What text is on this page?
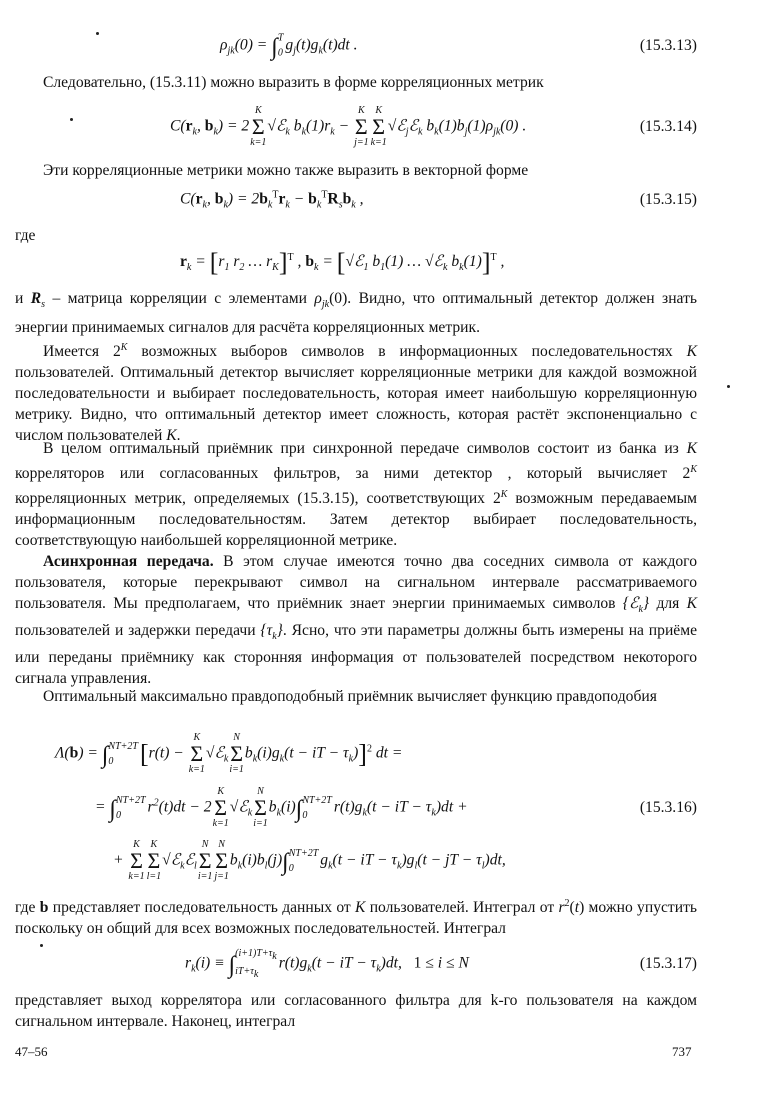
$\rho_{jk}(0)$ = ∫ T
0 $g_j(t)g_k(t)dt$ .	(15.3.13)

Следовательно, (15.3.11) можно выразить в форме корреляционных метрик

$C(r_k$, $b_k) = 2$
K
Σ
k=1
√ℰ$_k$ $b_k(1)r_k$ −
K
Σ
j=1
K
Σ
k=1
√ℰ$_j$ℰ$_k$ $b_k(1)b_j(1)\rho_{jk}(0)$ .	(15.3.14)

Эти корреляционные метрики можно также выразить в векторной форме

$C(r_k$, $b_k) = 2b_k^Tr_k - b_k^TR_sb_k$ ,	(15.3.15)

где

$r_k = [r_1$ $r_2$ … $r_K]^T$ , $b_k$ = [√ℰ$_1$ $b_1(1)$ … √ℰ$_k$ $b_k(1)]^T$ ,

и $R_s$ – матрица корреляции с элементами $\rho_{jk}(0)$. Видно, что оптимальный детектор должен знать энергии принимаемых сигналов для расчёта корреляционных метрик.

Имеется $2^K$ возможных выборов символов в информационных последовательностях K пользователей. Оптимальный детектор вычисляет корреляционные метрики для каждой возможной последовательности и выбирает последовательность, которая имеет наибольшую корреляционную метрику. Видно, что оптимальный детектор имеет сложность, которая растёт экспоненциально с числом пользователей K.

В целом оптимальный приёмник при синхронной передаче символов состоит из банка из K корреляторов или согласованных фильтров, за ними детектор , который вычисляет $2^K$ корреляционных метрик, определяемых (15.3.15), соответствующих $2^K$ возможным передаваемым информационным последовательностям. Затем детектор выбирает последовательность, соответствующую наибольшей корреляционной метрике.

Асинхронная передача. В этом случае имеются точно два соседних символа от каждого пользователя, которые перекрывают символ на сигнальном интервале рассматриваемого пользователя. Мы предполагаем, что приёмник знает энергии принимаемых символов {ℰ$_k$} для K пользователей и задержки передачи $\{\tau_k\}$. Ясно, что эти параметры должны быть измерены на приёме или переданы приёмнику как сторонняя информация от пользователей посредством некоторого сигнала управления.

Оптимальный максимально правдоподобный приёмник вычисляет функцию правдоподобия

Λ(b) = ∫ NT+2T
0	[r(t) −
K
Σ
k=1
√ℰ$_k$
N
Σ
i=1
$b_k(i)g_k(t$ − iT − $\tau_k)]^2$ dt =
= ∫ NT+2T
0	$r^2(t)dt - 2$
K
Σ
k=1
√ℰ$_k$
N
Σ
i=1
$b_k(i)\int$ NT+2T
0	$r(t)g_k(t$ − iT − $\tau_k)dt$ +	(15.3.16)
+
K
Σ
k=1
K
Σ
l=1
√ℰ$_k$ℰ$_l$
N
Σ
i=1
N
Σ
j=1
$b_k(i)b_l(j)\int$ NT+2T
0	$g_k(t$ − iT − $\tau_k)g_l(t$ − jT − $\tau_l)dt$,

где b представляет последовательность данных от K пользователей. Интеграл от $r^2(t)$ можно упустить поскольку он общий для всех возможных последовательностей. Интеграл

$r_k(i)$ ≡ ∫ $(i+1)T+\tau_k$
$iT+\tau_k$
$r(t)g_k(t$ − iT − $\tau_k)dt$,   1 ≤ i ≤ N	(15.3.17)

представляет выход коррелятора или согласованного фильтра для k-го пользователя на каждом сигнальном интервале. Наконец, интеграл

47–56	737
